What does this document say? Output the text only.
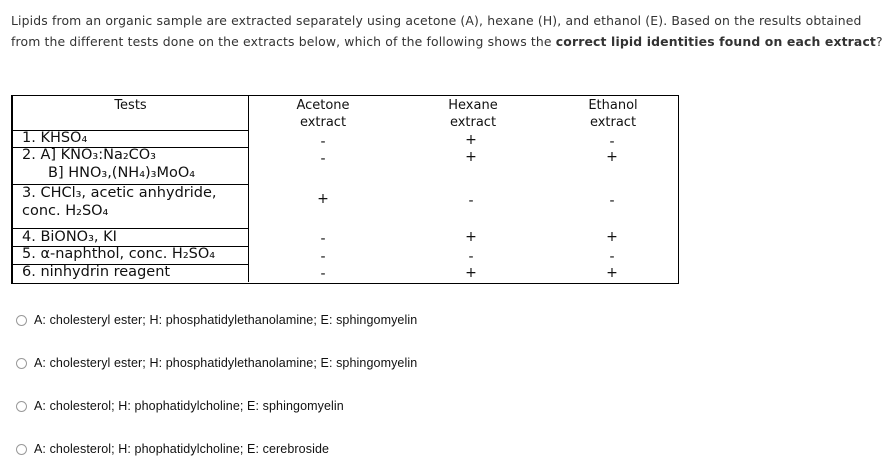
Lipids from an organic sample are extracted separately using acetone (A), hexane (H), and ethanol (E). Based on the results obtained from the different tests done on the extracts below, which of the following shows the correct lipid identities found on each extract?
Tests	Acetone
extract
Hexane
extract
Ethanol
extract
1. KHSO₄
2. A] KNO₃:Na₂CO₃
B] HNO₃,(NH₄)₃MoO₄
3. CHCl₃, acetic anhydride,
conc. H₂SO₄
4. BiONO₃, KI
5. α-naphthol, conc. H₂SO₄
6. ninhydrin reagent
-
-
+
-
-
-
+
+
-
+
-
+
-
+
-
+
-
+
A: cholesteryl ester; H: phosphatidylethanolamine; E: sphingomyelin
A: cholesteryl ester; H: phosphatidylethanolamine; E: sphingomyelin
A: cholesterol; H: phophatidylcholine; E: sphingomyelin
A: cholesterol; H: phophatidylcholine; E: cerebroside
